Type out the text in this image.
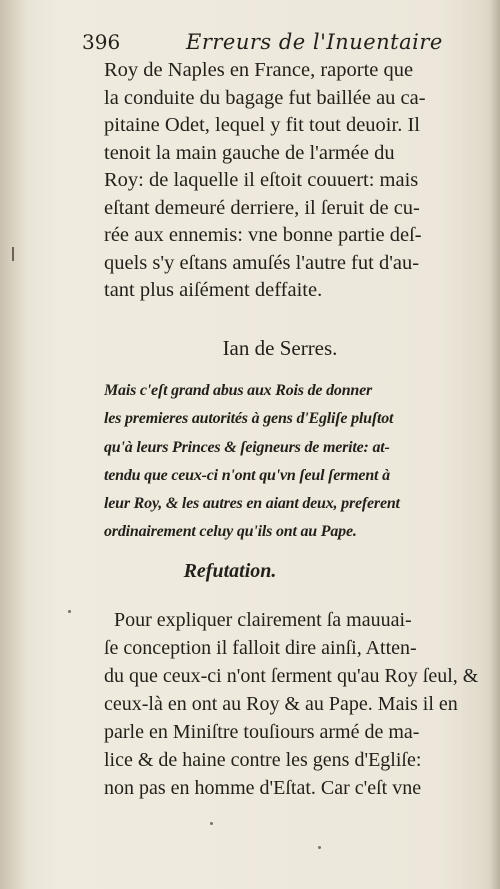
396	Erreurs de l'Inuentaire
Roy de Naples en France, raporte que
la conduite du bagage fut baillée au ca-
pitaine Odet, lequel y fit tout deuoir. Il
tenoit la main gauche de l'armée du
Roy: de laquelle il eſtoit couuert: mais
eſtant demeuré derriere, il ſeruit de cu-
rée aux ennemis: vne bonne partie deſ-
quels s'y eſtans amuſés l'autre fut d'au-
tant plus aiſément deffaite.
Ian de Serres.
Mais c'eſt grand abus aux Rois de donner
les premieres autorités à gens d'Egliſe pluſtot
qu'à leurs Princes & ſeigneurs de merite: at-
tendu que ceux-ci n'ont qu'vn ſeul ſerment à
leur Roy, & les autres en aiant deux, preferent
ordinairement celuy qu'ils ont au Pape.
Refutation.
Pour expliquer clairement ſa mauuai-
ſe conception il falloit dire ainſi, Atten-
du que ceux-ci n'ont ſerment qu'au Roy ſeul, &
ceux-là en ont au Roy & au Pape. Mais il en
parle en Miniſtre touſiours armé de ma-
lice & de haine contre les gens d'Egliſe:
non pas en homme d'Eſtat. Car c'eſt vne
